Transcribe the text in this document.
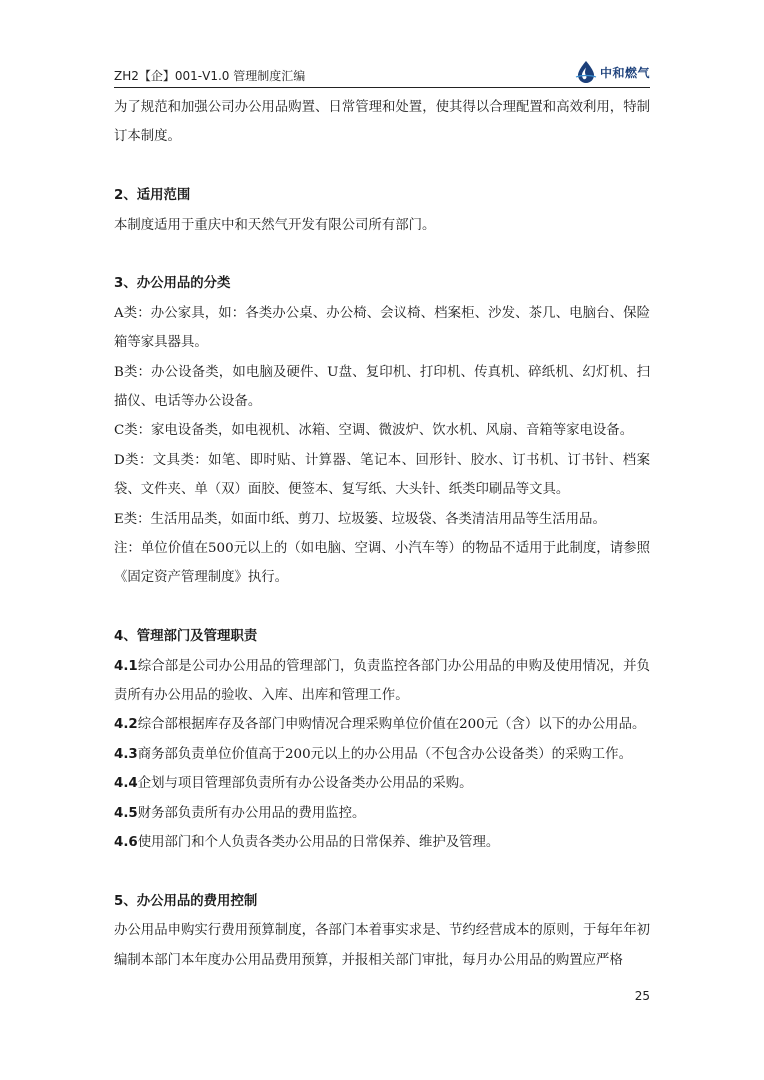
ZH2【企】001-V1.0 管理制度汇编	中和燃气

为了规范和加强公司办公用品购置、日常管理和处置，使其得以合理配置和高效利用，特制订本制度。

2、适用范围

本制度适用于重庆中和天然气开发有限公司所有部门。

3、办公用品的分类

A类：办公家具，如：各类办公桌、办公椅、会议椅、档案柜、沙发、茶几、电脑台、保险箱等家具器具。

B类：办公设备类，如电脑及硬件、U盘、复印机、打印机、传真机、碎纸机、幻灯机、扫描仪、电话等办公设备。

C类：家电设备类，如电视机、冰箱、空调、微波炉、饮水机、风扇、音箱等家电设备。

D类：文具类：如笔、即时贴、计算器、笔记本、回形针、胶水、订书机、订书针、档案袋、文件夹、单（双）面胶、便签本、复写纸、大头针、纸类印刷品等文具。

E类：生活用品类，如面巾纸、剪刀、垃圾篓、垃圾袋、各类清洁用品等生活用品。

注：单位价值在500元以上的（如电脑、空调、小汽车等）的物品不适用于此制度，请参照《固定资产管理制度》执行。

4、管理部门及管理职责

4.1综合部是公司办公用品的管理部门，负责监控各部门办公用品的申购及使用情况，并负责所有办公用品的验收、入库、出库和管理工作。

4.2综合部根据库存及各部门申购情况合理采购单位价值在200元（含）以下的办公用品。

4.3商务部负责单位价值高于200元以上的办公用品（不包含办公设备类）的采购工作。

4.4企划与项目管理部负责所有办公设备类办公用品的采购。

4.5财务部负责所有办公用品的费用监控。

4.6使用部门和个人负责各类办公用品的日常保养、维护及管理。

5、办公用品的费用控制

办公用品申购实行费用预算制度，各部门本着事实求是、节约经营成本的原则，于每年年初编制本部门本年度办公用品费用预算，并报相关部门审批，每月办公用品的购置应严格

25
